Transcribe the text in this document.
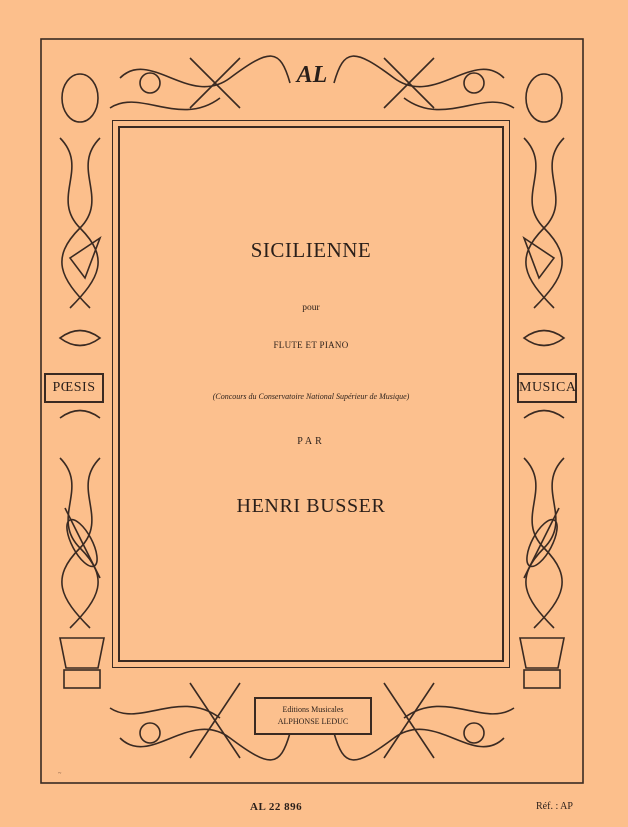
AL
PŒSIS	MUSICA
SICILIENNE
pour
FLUTE ET PIANO
(Concours du Conservatoire National Supérieur de Musique)
PAR
HENRI BUSSER
Editions Musicales
ALPHONSE LEDUC
~
AL 22 896	Réf. : AP
